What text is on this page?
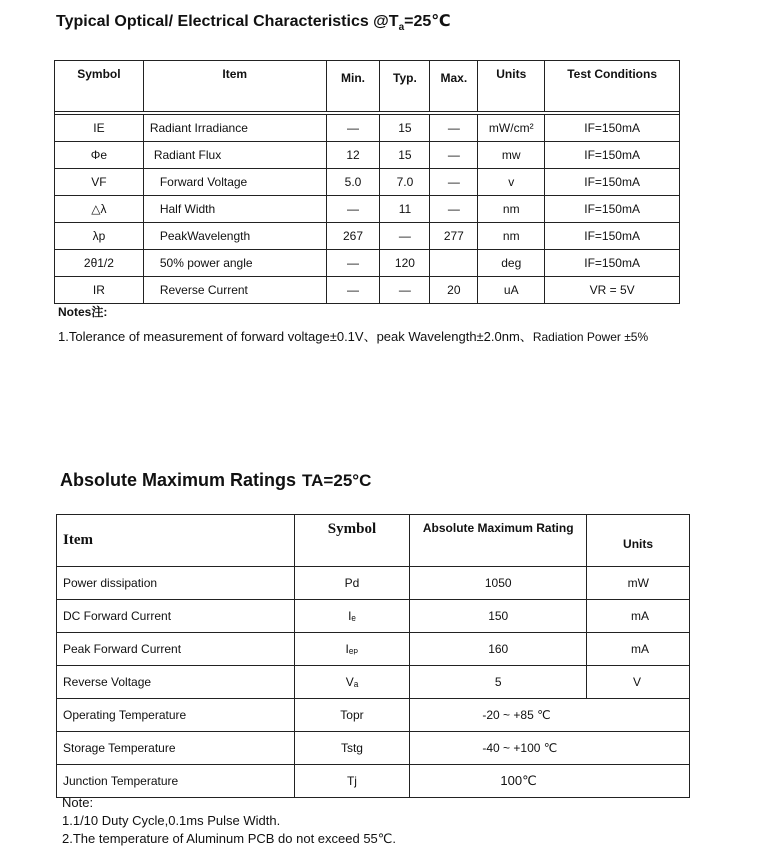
Typical Optical/ Electrical Characteristics $@T_a=25℃$
Symbol	Item	Min.	Typ.	Max.	Units	Test Conditions

IE	Radiant Irradiance	—	15	—	mW/cm²	IF=150mA
Φe	Radiant Flux	12	15	—	mw	IF=150mA
VF	Forward Voltage	5.0	7.0	—	v	IF=150mA
△λ	Half Width	—	11	—	nm	IF=150mA
λp	PeakWavelength	267	—	277	nm	IF=150mA
2θ1/2	50% power angle	—	120		deg	IF=150mA
IR	Reverse Current	—	—	20	uA	VR = 5V
Notes注:
1.Tolerance of measurement of forward voltage±0.1V、peak Wavelength±2.0nm、Radiation Power ±5%
Absolute Maximum Ratings TA=25°C
Item	Symbol	Absolute Maximum Rating	Units
Power dissipation	Pd	1050	mW
DC Forward Current	Iₑ	150	mA
Peak Forward Current	Iₑₚ	160	mA
Reverse Voltage	Vₐ	5	V
Operating Temperature	Topr	-20 ~ +85 ℃	
Storage Temperature	Tstg	-40 ~ +100 ℃	
Junction Temperature	Tj	100℃	
Note:
1.1/10 Duty Cycle,0.1ms Pulse Width.
2.The temperature of Aluminum PCB do not exceed 55℃.
